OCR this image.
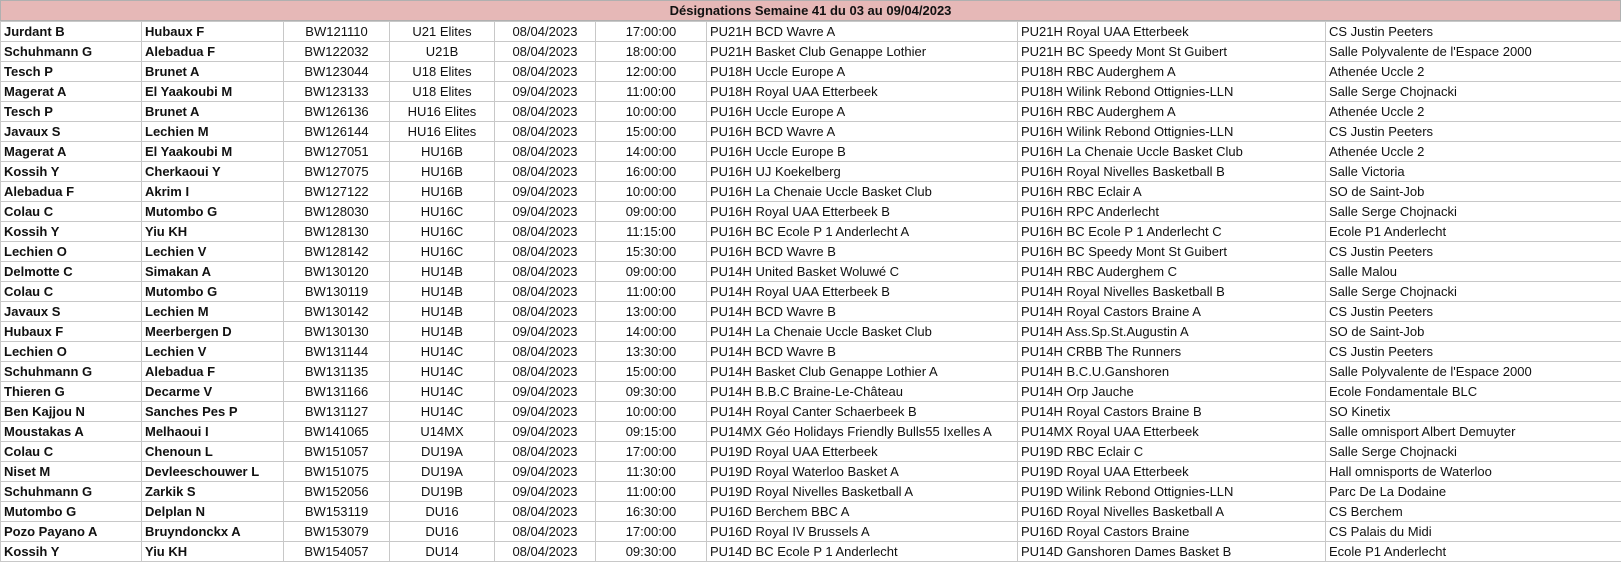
Désignations Semaine 41 du 03 au 09/04/2023
Jurdant B	Hubaux F	BW121110	U21 Elites	08/04/2023	17:00:00	PU21H BCD Wavre A	PU21H Royal UAA Etterbeek	CS Justin Peeters
Schuhmann G	Alebadua F	BW122032	U21B	08/04/2023	18:00:00	PU21H Basket Club Genappe Lothier	PU21H BC Speedy Mont St Guibert	Salle Polyvalente de l'Espace 2000
Tesch P	Brunet A	BW123044	U18 Elites	08/04/2023	12:00:00	PU18H Uccle Europe A	PU18H RBC Auderghem A	Athenée Uccle 2
Magerat A	El Yaakoubi M	BW123133	U18 Elites	09/04/2023	11:00:00	PU18H Royal UAA Etterbeek	PU18H Wilink Rebond Ottignies-LLN	Salle Serge Chojnacki
Tesch P	Brunet A	BW126136	HU16 Elites	08/04/2023	10:00:00	PU16H Uccle Europe A	PU16H RBC Auderghem A	Athenée Uccle 2
Javaux S	Lechien M	BW126144	HU16 Elites	08/04/2023	15:00:00	PU16H BCD Wavre A	PU16H Wilink Rebond Ottignies-LLN	CS Justin Peeters
Magerat A	El Yaakoubi M	BW127051	HU16B	08/04/2023	14:00:00	PU16H Uccle Europe B	PU16H La Chenaie Uccle Basket Club	Athenée Uccle 2
Kossih Y	Cherkaoui Y	BW127075	HU16B	08/04/2023	16:00:00	PU16H UJ Koekelberg	PU16H Royal Nivelles Basketball B	Salle Victoria
Alebadua F	Akrim I	BW127122	HU16B	09/04/2023	10:00:00	PU16H La Chenaie Uccle Basket Club	PU16H RBC Eclair A	SO de Saint-Job
Colau C	Mutombo G	BW128030	HU16C	09/04/2023	09:00:00	PU16H Royal UAA Etterbeek B	PU16H RPC Anderlecht	Salle Serge Chojnacki
Kossih Y	Yiu KH	BW128130	HU16C	08/04/2023	11:15:00	PU16H BC Ecole P 1 Anderlecht A	PU16H BC Ecole P 1 Anderlecht C	Ecole P1 Anderlecht
Lechien O	Lechien V	BW128142	HU16C	08/04/2023	15:30:00	PU16H BCD Wavre B	PU16H BC Speedy Mont St Guibert	CS Justin Peeters
Delmotte C	Simakan A	BW130120	HU14B	08/04/2023	09:00:00	PU14H United Basket Woluwé C	PU14H RBC Auderghem C	Salle Malou
Colau C	Mutombo G	BW130119	HU14B	08/04/2023	11:00:00	PU14H Royal UAA Etterbeek B	PU14H Royal Nivelles Basketball B	Salle Serge Chojnacki
Javaux S	Lechien M	BW130142	HU14B	08/04/2023	13:00:00	PU14H BCD Wavre B	PU14H Royal Castors Braine A	CS Justin Peeters
Hubaux F	Meerbergen D	BW130130	HU14B	09/04/2023	14:00:00	PU14H La Chenaie Uccle Basket Club	PU14H Ass.Sp.St.Augustin A	SO de Saint-Job
Lechien O	Lechien V	BW131144	HU14C	08/04/2023	13:30:00	PU14H BCD Wavre B	PU14H CRBB The Runners	CS Justin Peeters
Schuhmann G	Alebadua F	BW131135	HU14C	08/04/2023	15:00:00	PU14H Basket Club Genappe Lothier A	PU14H B.C.U.Ganshoren	Salle Polyvalente de l'Espace 2000
Thieren G	Decarme V	BW131166	HU14C	09/04/2023	09:30:00	PU14H B.B.C Braine-Le-Château	PU14H Orp Jauche	Ecole Fondamentale BLC
Ben Kajjou N	Sanches Pes P	BW131127	HU14C	09/04/2023	10:00:00	PU14H Royal Canter Schaerbeek B	PU14H Royal Castors Braine B	SO Kinetix
Moustakas A	Melhaoui I	BW141065	U14MX	09/04/2023	09:15:00	PU14MX Géo Holidays Friendly Bulls55 Ixelles A	PU14MX Royal UAA Etterbeek	Salle omnisport Albert Demuyter
Colau C	Chenoun L	BW151057	DU19A	08/04/2023	17:00:00	PU19D Royal UAA Etterbeek	PU19D RBC Eclair C	Salle Serge Chojnacki
Niset M	Devleeschouwer L	BW151075	DU19A	09/04/2023	11:30:00	PU19D Royal Waterloo Basket A	PU19D Royal UAA Etterbeek	Hall omnisports de Waterloo
Schuhmann G	Zarkik S	BW152056	DU19B	09/04/2023	11:00:00	PU19D Royal Nivelles Basketball A	PU19D Wilink Rebond Ottignies-LLN	Parc De La Dodaine
Mutombo G	Delplan N	BW153119	DU16	08/04/2023	16:30:00	PU16D Berchem BBC A	PU16D Royal Nivelles Basketball A	CS Berchem
Pozo Payano A	Bruyndonckx A	BW153079	DU16	08/04/2023	17:00:00	PU16D Royal IV Brussels A	PU16D Royal Castors Braine	CS Palais du Midi
Kossih Y	Yiu KH	BW154057	DU14	08/04/2023	09:30:00	PU14D BC Ecole P 1 Anderlecht	PU14D Ganshoren Dames Basket B	Ecole P1 Anderlecht
